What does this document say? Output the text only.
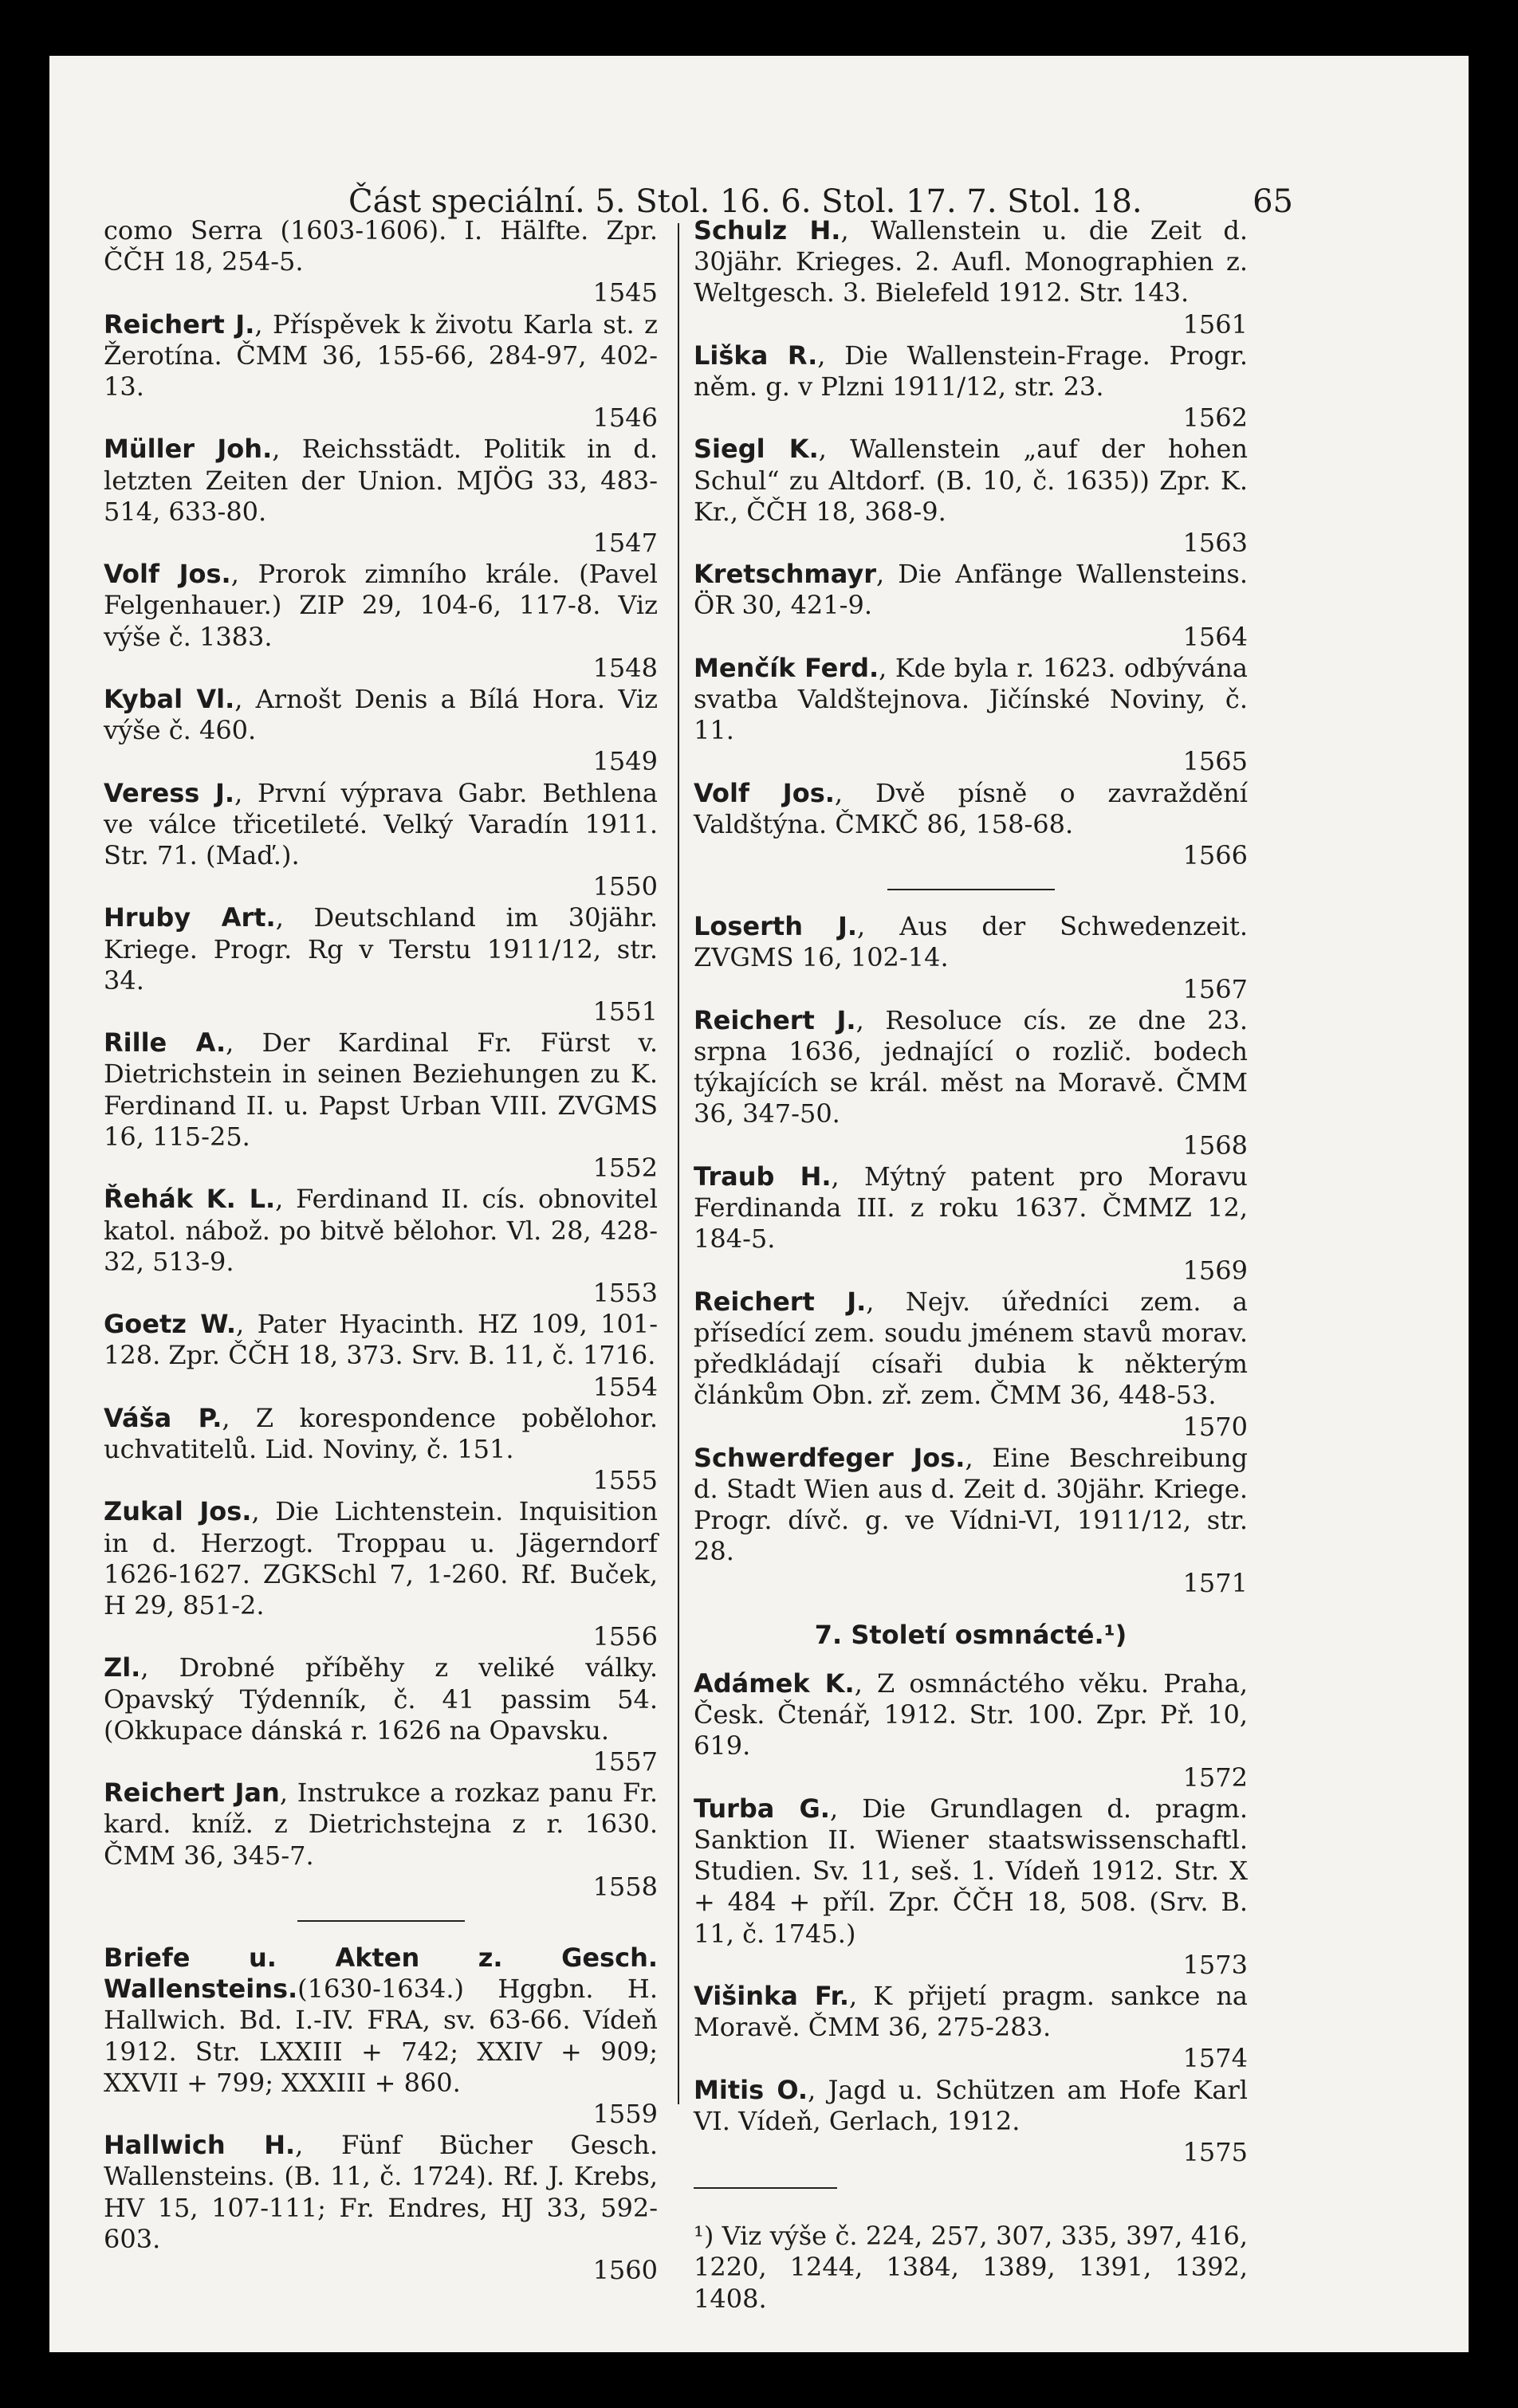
Část speciální. 5. Stol. 16. 6. Stol. 17. 7. Stol. 18.	65

como Serra (1603-1606). I. Hälfte. Zpr. ČČH 18, 254-5.
1545

Reichert J., Příspěvek k životu Karla st. z Žerotína. ČMM 36, 155-66, 284-97, 402-13.
1546

Müller Joh., Reichsstädt. Politik in d. letzten Zeiten der Union. MJÖG 33, 483-514, 633-80.
1547

Volf Jos., Prorok zimního krále. (Pavel Felgenhauer.) ZIP 29, 104-6, 117-8. Viz výše č. 1383.
1548

Kybal Vl., Arnošt Denis a Bílá Hora. Viz výše č. 460.
1549

Veress J., První výprava Gabr. Bethlena ve válce třicetileté. Velký Varadín 1911. Str. 71. (Maď.).
1550

Hruby Art., Deutschland im 30jähr. Kriege. Progr. Rg v Terstu 1911/12, str. 34.
1551

Rille A., Der Kardinal Fr. Fürst v. Dietrichstein in seinen Beziehungen zu K. Ferdinand II. u. Papst Urban VIII. ZVGMS 16, 115-25.
1552

Řehák K. L., Ferdinand II. cís. obnovitel katol. nábož. po bitvě bělohor. Vl. 28, 428-32, 513-9.
1553

Goetz W., Pater Hyacinth. HZ 109, 101-128. Zpr. ČČH 18, 373. Srv. B. 11, č. 1716.
1554

Váša P., Z korespondence pobělohor. uchvatitelů. Lid. Noviny, č. 151.
1555

Zukal Jos., Die Lichtenstein. Inquisition in d. Herzogt. Troppau u. Jägerndorf 1626-1627. ZGKSchl 7, 1-260. Rf. Buček, H 29, 851-2.
1556

Zl., Drobné příběhy z veliké války. Opavský Týdenník, č. 41 passim 54. (Okkupace dánská r. 1626 na Opavsku.
1557

Reichert Jan, Instrukce a rozkaz panu Fr. kard. kníž. z Dietrichstejna z r. 1630. ČMM 36, 345-7.
1558

Briefe u. Akten z. Gesch. Wallensteins.(1630-1634.) Hggbn. H. Hallwich. Bd. I.-IV. FRA, sv. 63-66. Vídeň 1912. Str. LXXIII + 742; XXIV + 909; XXVII + 799; XXXIII + 860.
1559

Hallwich H., Fünf Bücher Gesch. Wallensteins. (B. 11, č. 1724). Rf. J. Krebs, HV 15, 107-111; Fr. Endres, HJ 33, 592-603.
1560

Schulz H., Wallenstein u. die Zeit d. 30jähr. Krieges. 2. Aufl. Monographien z. Weltgesch. 3. Bielefeld 1912. Str. 143.
1561

Liška R., Die Wallenstein-Frage. Progr. něm. g. v Plzni 1911/12, str. 23.
1562

Siegl K., Wallenstein „auf der hohen Schul“ zu Altdorf. (B. 10, č. 1635)) Zpr. K. Kr., ČČH 18, 368-9.
1563

Kretschmayr, Die Anfänge Wallensteins. ÖR 30, 421-9.
1564

Menčík Ferd., Kde byla r. 1623. odbývána svatba Valdštejnova. Jičínské Noviny, č. 11.
1565

Volf Jos., Dvě písně o zavraždění Valdštýna. ČMKČ 86, 158-68.
1566

Loserth J., Aus der Schwedenzeit. ZVGMS 16, 102-14.
1567

Reichert J., Resoluce cís. ze dne 23. srpna 1636, jednající o rozlič. bodech týkajících se král. měst na Moravě. ČMM 36, 347-50.
1568

Traub H., Mýtný patent pro Moravu Ferdinanda III. z roku 1637. ČMMZ 12, 184-5.
1569

Reichert J., Nejv. úředníci zem. a přísedící zem. soudu jménem stavů morav. předkládají císaři dubia k některým článkům Obn. zř. zem. ČMM 36, 448-53.
1570

Schwerdfeger Jos., Eine Beschreibung d. Stadt Wien aus d. Zeit d. 30jähr. Kriege. Progr. dívč. g. ve Vídni-VI, 1911/12, str. 28.
1571

7. Století osmnácté.¹)

Adámek K., Z osmnáctého věku. Praha, Česk. Čtenář, 1912. Str. 100. Zpr. Př. 10, 619.
1572

Turba G., Die Grundlagen d. pragm. Sanktion II. Wiener staatswissenschaftl. Studien. Sv. 11, seš. 1. Vídeň 1912. Str. X + 484 + příl. Zpr. ČČH 18, 508. (Srv. B. 11, č. 1745.)
1573

Višinka Fr., K přijetí pragm. sankce na Moravě. ČMM 36, 275-283.
1574

Mitis O., Jagd u. Schützen am Hofe Karl VI. Vídeň, Gerlach, 1912.
1575

¹) Viz výše č. 224, 257, 307, 335, 397, 416, 1220, 1244, 1384, 1389, 1391, 1392, 1408.
